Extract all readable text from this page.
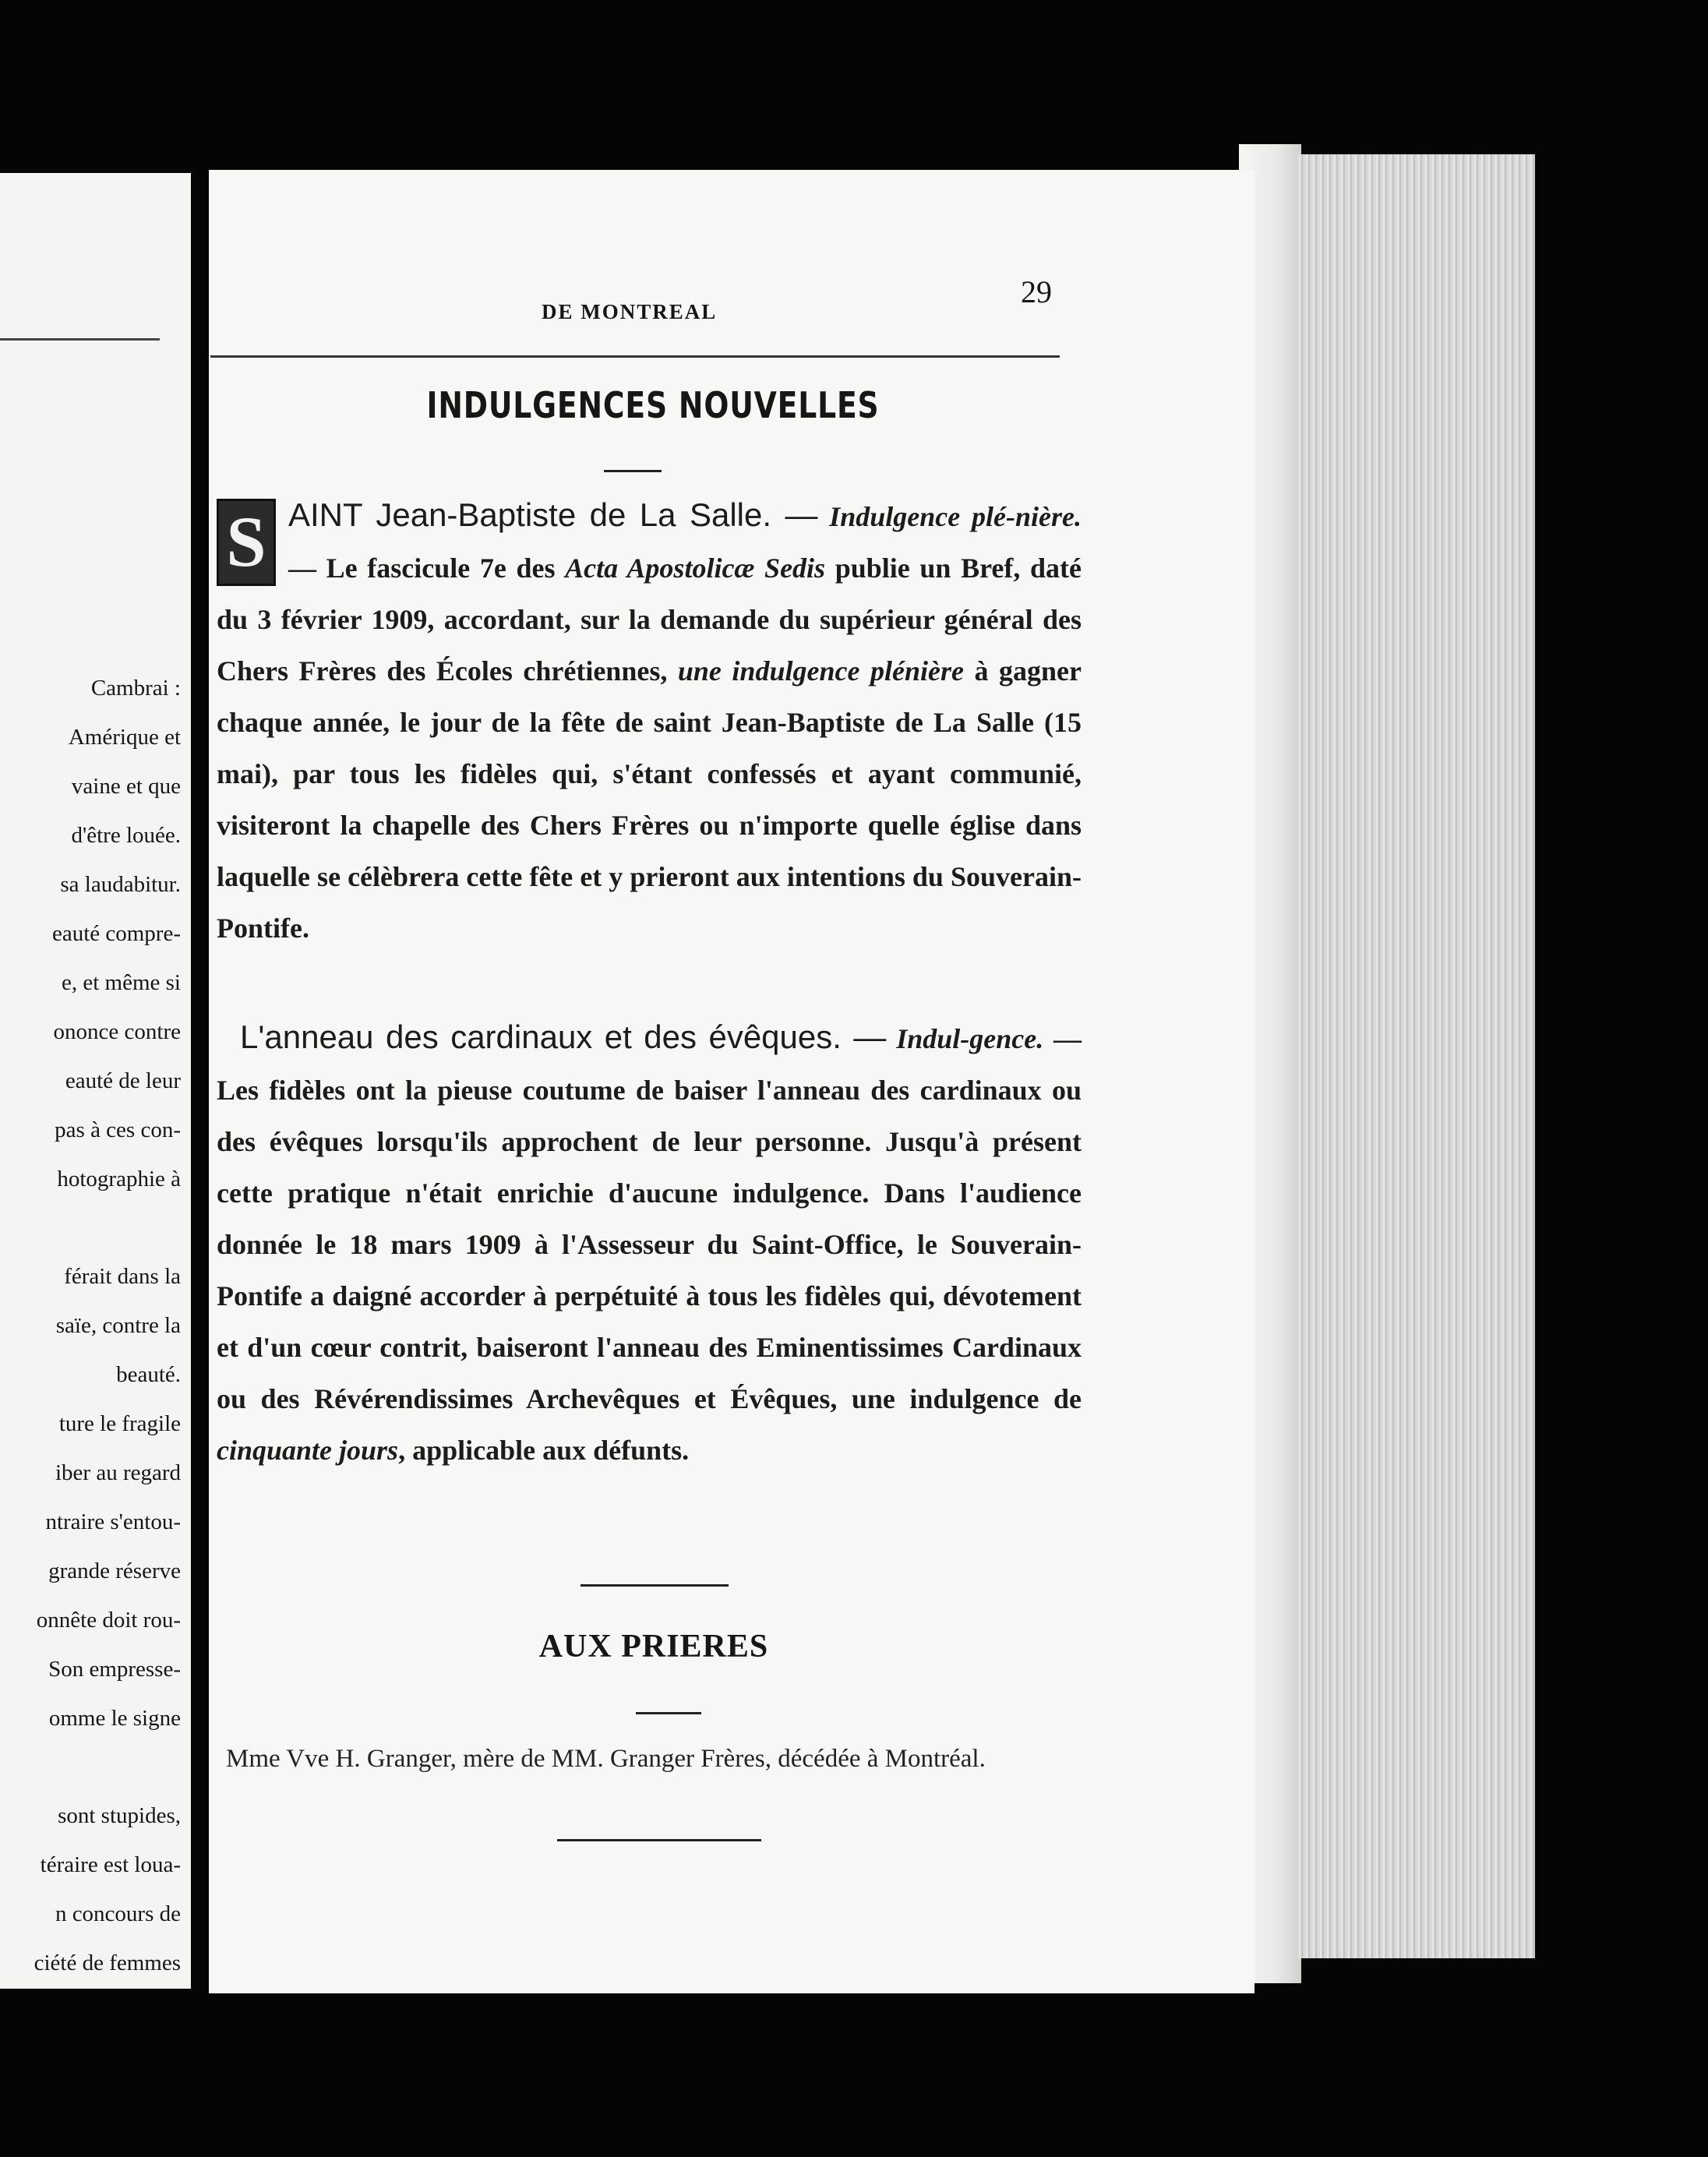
Cambrai :
Amérique et
vaine et que
d'être louée.
sa laudabitur.
eauté compre-
e, et même si
ononce contre
eauté de leur
pas à ces con-
hotographie à
férait dans la
saïe, contre la
beauté.
ture le fragile
iber au regard
ntraire s'entou-
grande réserve
onnête doit rou-
Son empresse-
omme le signe
sont stupides,
téraire est loua-
n concours de
ciété de femmes
DE MONTREAL
29
INDULGENCES NOUVELLES
S AINT Jean-Baptiste de La Salle. — Indulgence plé-nière. — Le fascicule 7e des Acta Apostolicæ Sedis publie un Bref, daté du 3 février 1909, accordant, sur la demande du supérieur général des Chers Frères des Écoles chrétiennes, une indulgence plénière à gagner chaque année, le jour de la fête de saint Jean-Baptiste de La Salle (15 mai), par tous les fidèles qui, s'étant confessés et ayant communié, visiteront la chapelle des Chers Frères ou n'importe quelle église dans laquelle se célèbrera cette fête et y prieront aux intentions du Souverain-Pontife.
L'anneau des cardinaux et des évêques. — Indul-gence. — Les fidèles ont la pieuse coutume de baiser l'anneau des cardinaux ou des évêques lorsqu'ils approchent de leur personne. Jusqu'à présent cette pratique n'était enrichie d'aucune indulgence. Dans l'audience donnée le 18 mars 1909 à l'Assesseur du Saint-Office, le Souverain-Pontife a daigné accorder à perpétuité à tous les fidèles qui, dévotement et d'un cœur contrit, baiseront l'anneau des Eminentissimes Cardinaux ou des Révérendissimes Archevêques et Évêques, une indulgence de cinquante jours, applicable aux défunts.
AUX PRIERES
Mme Vve H. Granger, mère de MM. Granger Frères, décédée à Montréal.
